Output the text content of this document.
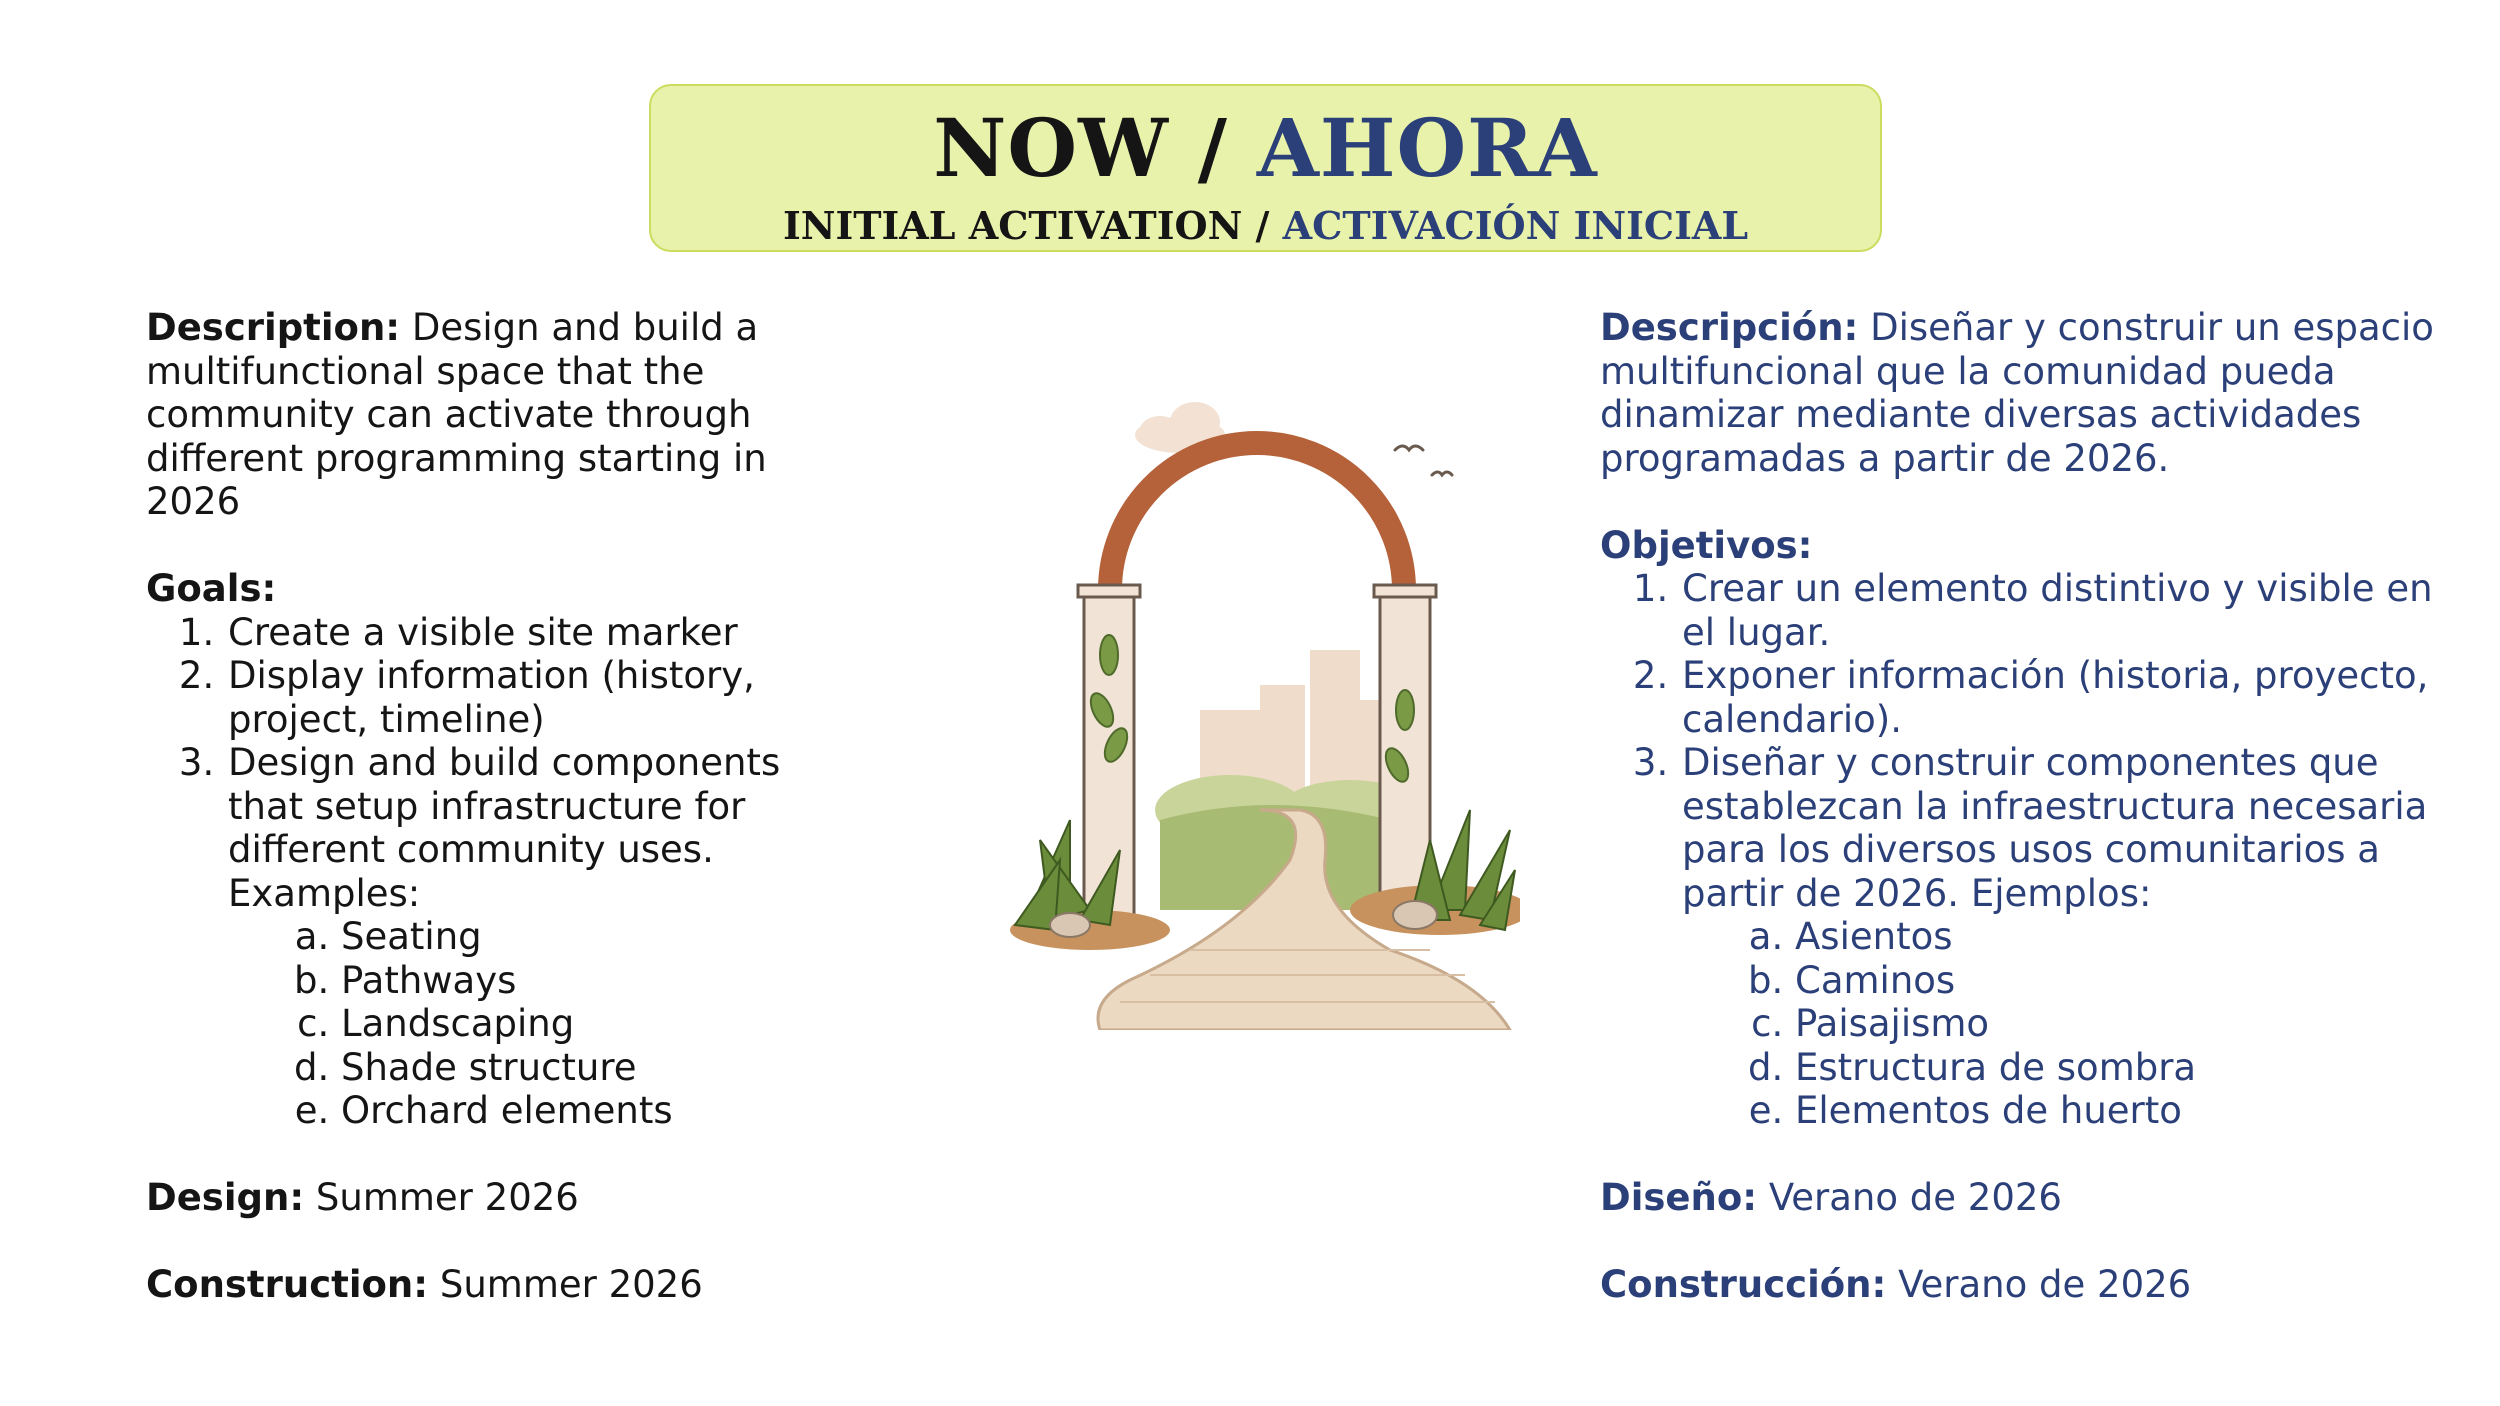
NOW / AHORA
INITIAL ACTIVATION / ACTIVACIÓN INICIAL

Description: Design and build a multifunctional space that the community can activate through different programming starting in 2026

Goals:

1. Create a visible site marker
2. Display information (history, project, timeline)
3. Design and build components that setup infrastructure for different community uses. Examples:
a. Seating
b. Pathways
c. Landscaping
d. Shade structure
e. Orchard elements

Design: Summer 2026

Construction: Summer 2026

Descripción: Diseñar y construir un espacio multifuncional que la comunidad pueda dinamizar mediante diversas actividades programadas a partir de 2026.

Objetivos:

1. Crear un elemento distintivo y visible en el lugar.
2. Exponer información (historia, proyecto, calendario).
3. Diseñar y construir componentes que establezcan la infraestructura necesaria para los diversos usos comunitarios a partir de 2026. Ejemplos:
a. Asientos
b. Caminos
c. Paisajismo
d. Estructura de sombra
e. Elementos de huerto

Diseño: Verano de 2026

Construcción: Verano de 2026
